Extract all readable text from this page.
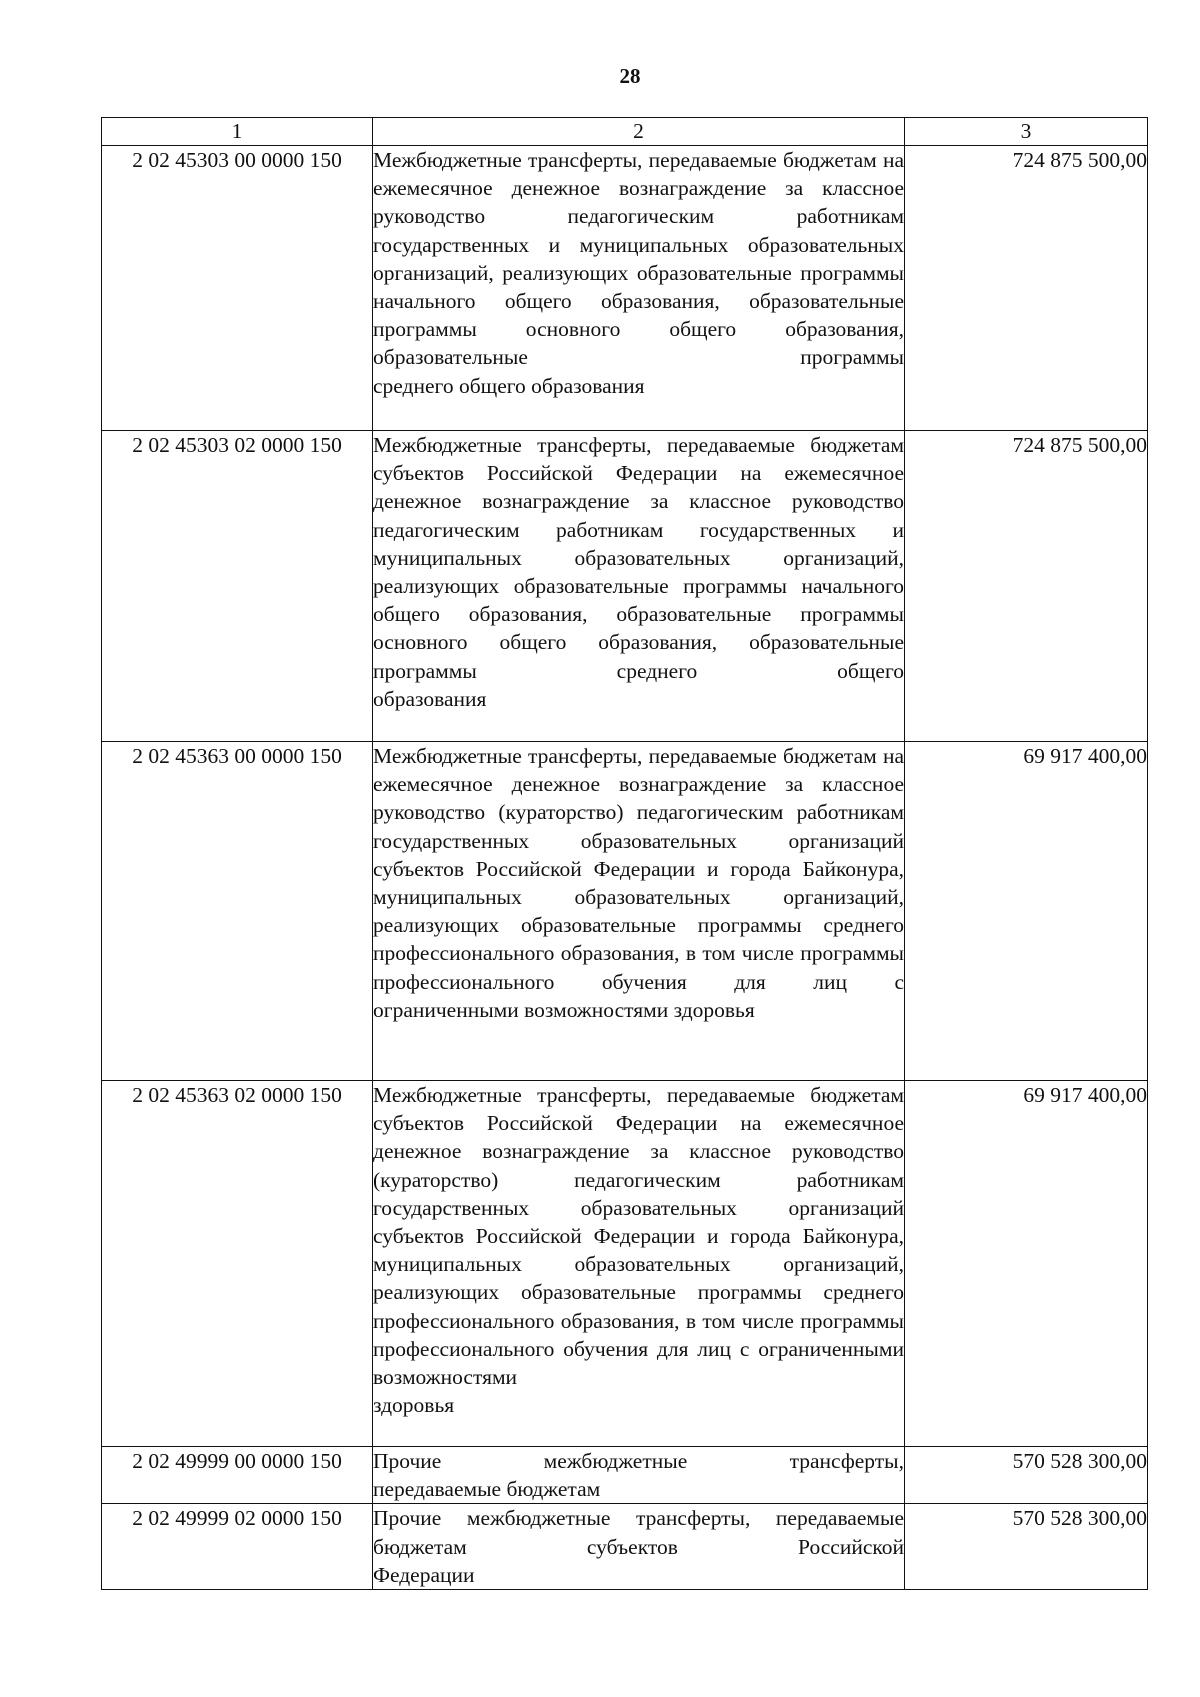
28
1	2	3
2 02 45303 00 0000 150	Межбюджетные трансферты, передаваемые бюджетам на ежемесячное денежное вознаграждение за классное руководство педагогическим работникам государственных и муниципальных образовательных организаций, реализующих образовательные программы начального общего образования, образовательные программы основного общего образования, образовательные программы
среднего общего образования	724 875 500,00
2 02 45303 02 0000 150	Межбюджетные трансферты, передаваемые бюджетам субъектов Российской Федерации на ежемесячное денежное вознаграждение за классное руководство педагогическим работникам государственных и муниципальных образовательных организаций, реализующих образовательные программы начального общего образования, образовательные программы основного общего образования, образовательные программы среднего общего
образования	724 875 500,00
2 02 45363 00 0000 150	Межбюджетные трансферты, передаваемые бюджетам на ежемесячное денежное вознаграждение за классное руководство (кураторство) педагогическим работникам государственных образовательных организаций субъектов Российской Федерации и города Байконура, муниципальных образовательных организаций, реализующих образовательные программы среднего профессионального образования, в том числе программы профессионального обучения для лиц с
ограниченными возможностями здоровья	69 917 400,00
2 02 45363 02 0000 150	Межбюджетные трансферты, передаваемые бюджетам субъектов Российской Федерации на ежемесячное денежное вознаграждение за классное руководство (кураторство) педагогическим работникам государственных образовательных организаций субъектов Российской Федерации и города Байконура, муниципальных образовательных организаций, реализующих образовательные программы среднего профессионального образования, в том числе программы профессионального обучения для лиц с ограниченными возможностями
здоровья	69 917 400,00
2 02 49999 00 0000 150	Прочие межбюджетные трансферты,
передаваемые бюджетам	570 528 300,00
2 02 49999 02 0000 150	Прочие межбюджетные трансферты, передаваемые бюджетам субъектов Российской
Федерации	570 528 300,00
